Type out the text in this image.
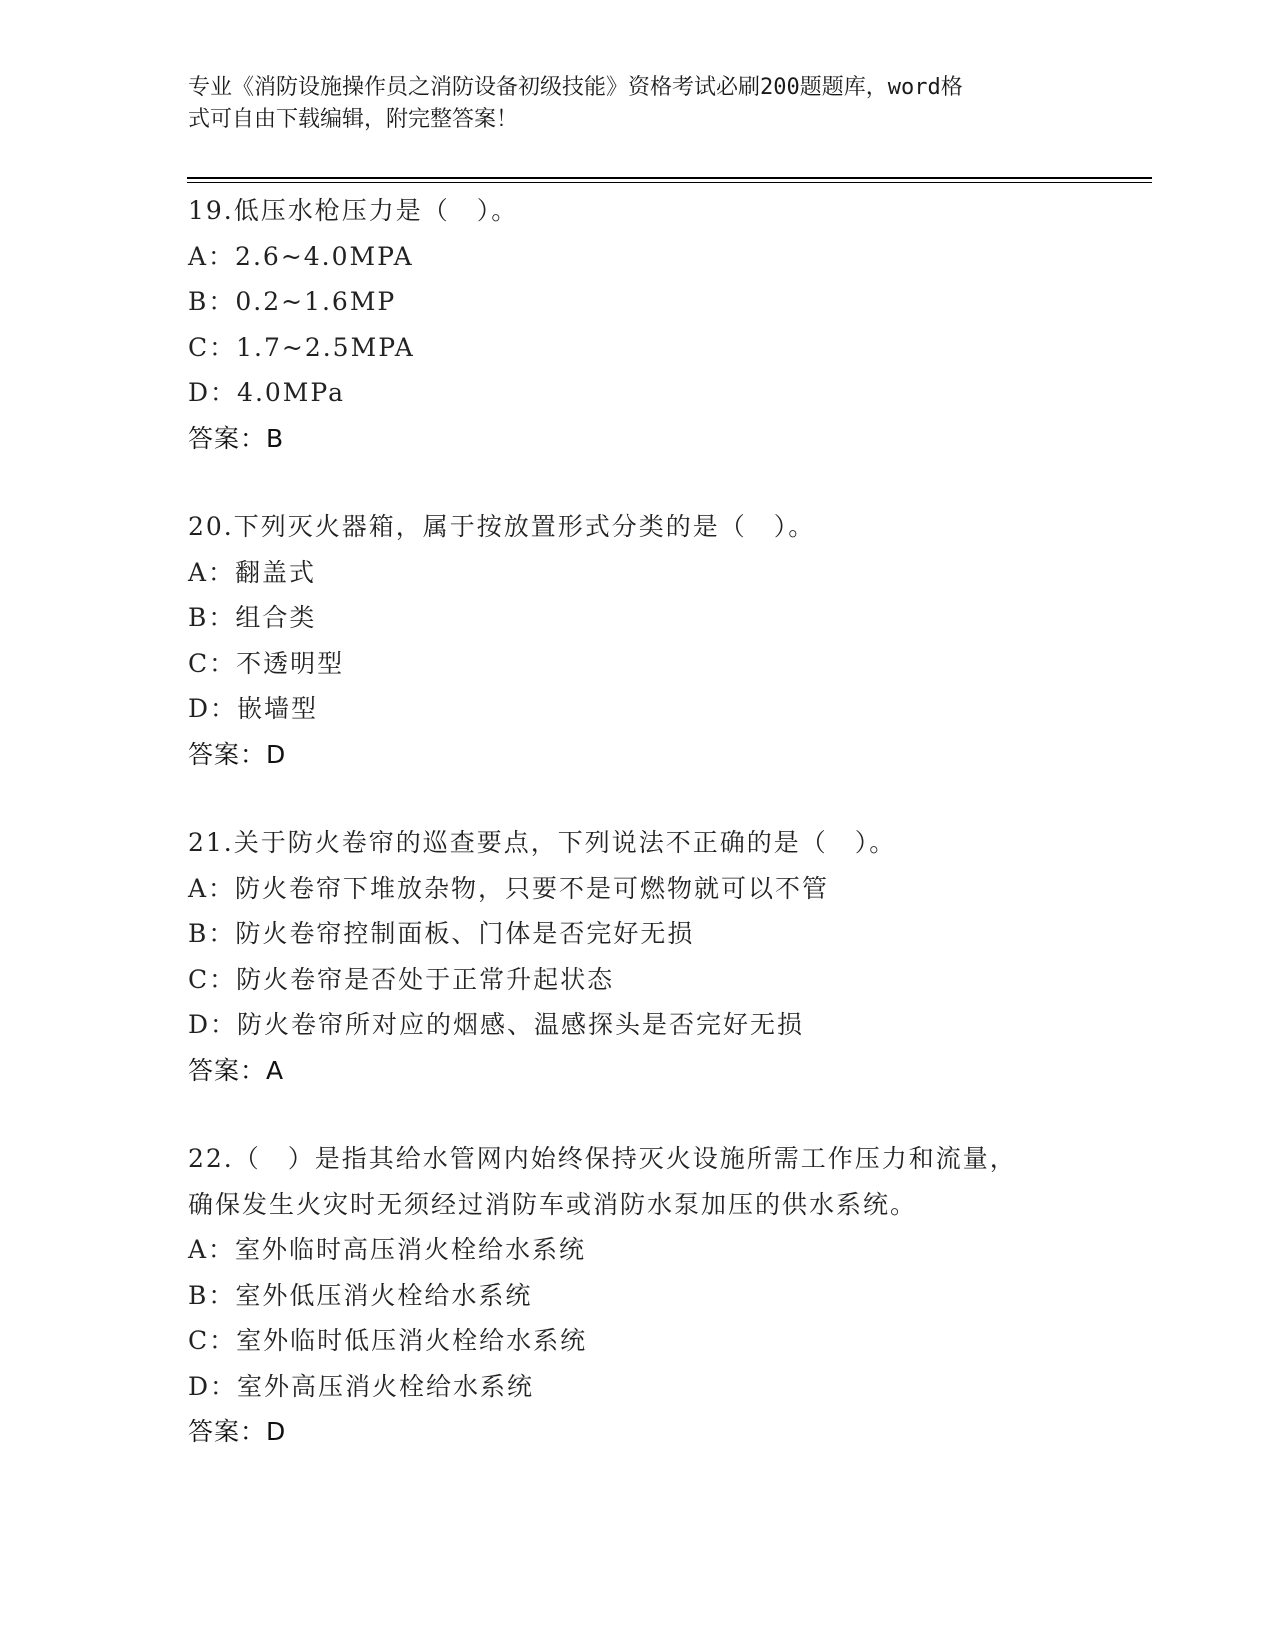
专业《消防设施操作员之消防设备初级技能》资格考试必刷200题题库，word格
式可自由下载编辑，附完整答案！
19.低压水枪压力是（　）。
A：2.6~4.0MPA
B：0.2~1.6MP
C：1.7~2.5MPA
D：4.0MPa
答案：B
20.下列灭火器箱，属于按放置形式分类的是（　）。
A：翻盖式
B：组合类
C：不透明型
D：嵌墙型
答案：D
21.关于防火卷帘的巡查要点，下列说法不正确的是（　）。
A：防火卷帘下堆放杂物，只要不是可燃物就可以不管
B：防火卷帘控制面板、门体是否完好无损
C：防火卷帘是否处于正常升起状态
D：防火卷帘所对应的烟感、温感探头是否完好无损
答案：A
22.（　）是指其给水管网内始终保持灭火设施所需工作压力和流量，
确保发生火灾时无须经过消防车或消防水泵加压的供水系统。
A：室外临时高压消火栓给水系统
B：室外低压消火栓给水系统
C：室外临时低压消火栓给水系统
D：室外高压消火栓给水系统
答案：D
